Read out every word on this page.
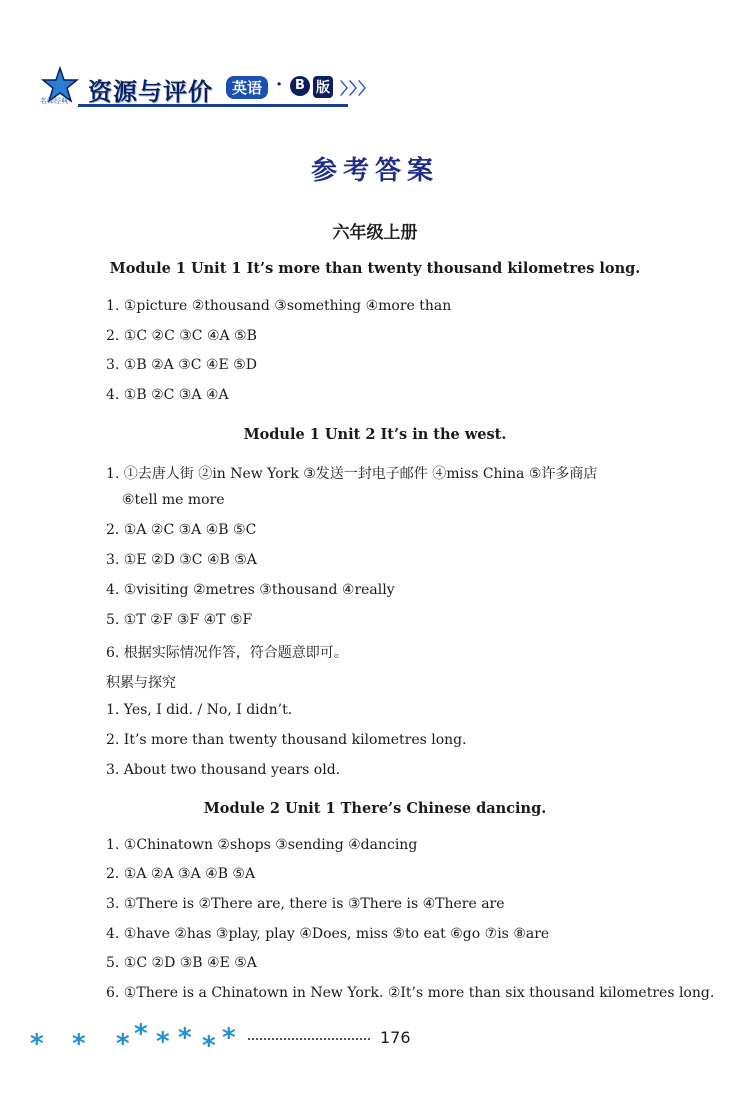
名师经典 资源与评价	英语 · B 版 〉〉〉
参考答案
六年级上册
Module 1 Unit 1 It’s more than twenty thousand kilometres long.
1. ①picture ②thousand ③something ④more than
2. ①C ②C ③C ④A ⑤B
3. ①B ②A ③C ④E ⑤D
4. ①B ②C ③A ④A
Module 1 Unit 2 It’s in the west.
1. ①去唐人街 ②in New York ③发送一封电子邮件 ④miss China ⑤许多商店
⑥tell me more
2. ①A ②C ③A ④B ⑤C
3. ①E ②D ③C ④B ⑤A
4. ①visiting ②metres ③thousand ④really
5. ①T ②F ③F ④T ⑤F
6. 根据实际情况作答，符合题意即可。
积累与探究
1. Yes, I did. / No, I didn’t.
2. It’s more than twenty thousand kilometres long.
3. About two thousand years old.
Module 2 Unit 1 There’s Chinese dancing.
1. ①Chinatown ②shops ③sending ④dancing
2. ①A ②A ③A ④B ⑤A
3. ①There is ②There are, there is ③There is ④There are
4. ①have ②has ③play, play ④Does, miss ⑤to eat ⑥go ⑦is ⑧are
5. ①C ②D ③B ④E ⑤A
6. ①There is a Chinatown in New York. ②It’s more than six thousand kilometres long.
* * * * * * * *	176
